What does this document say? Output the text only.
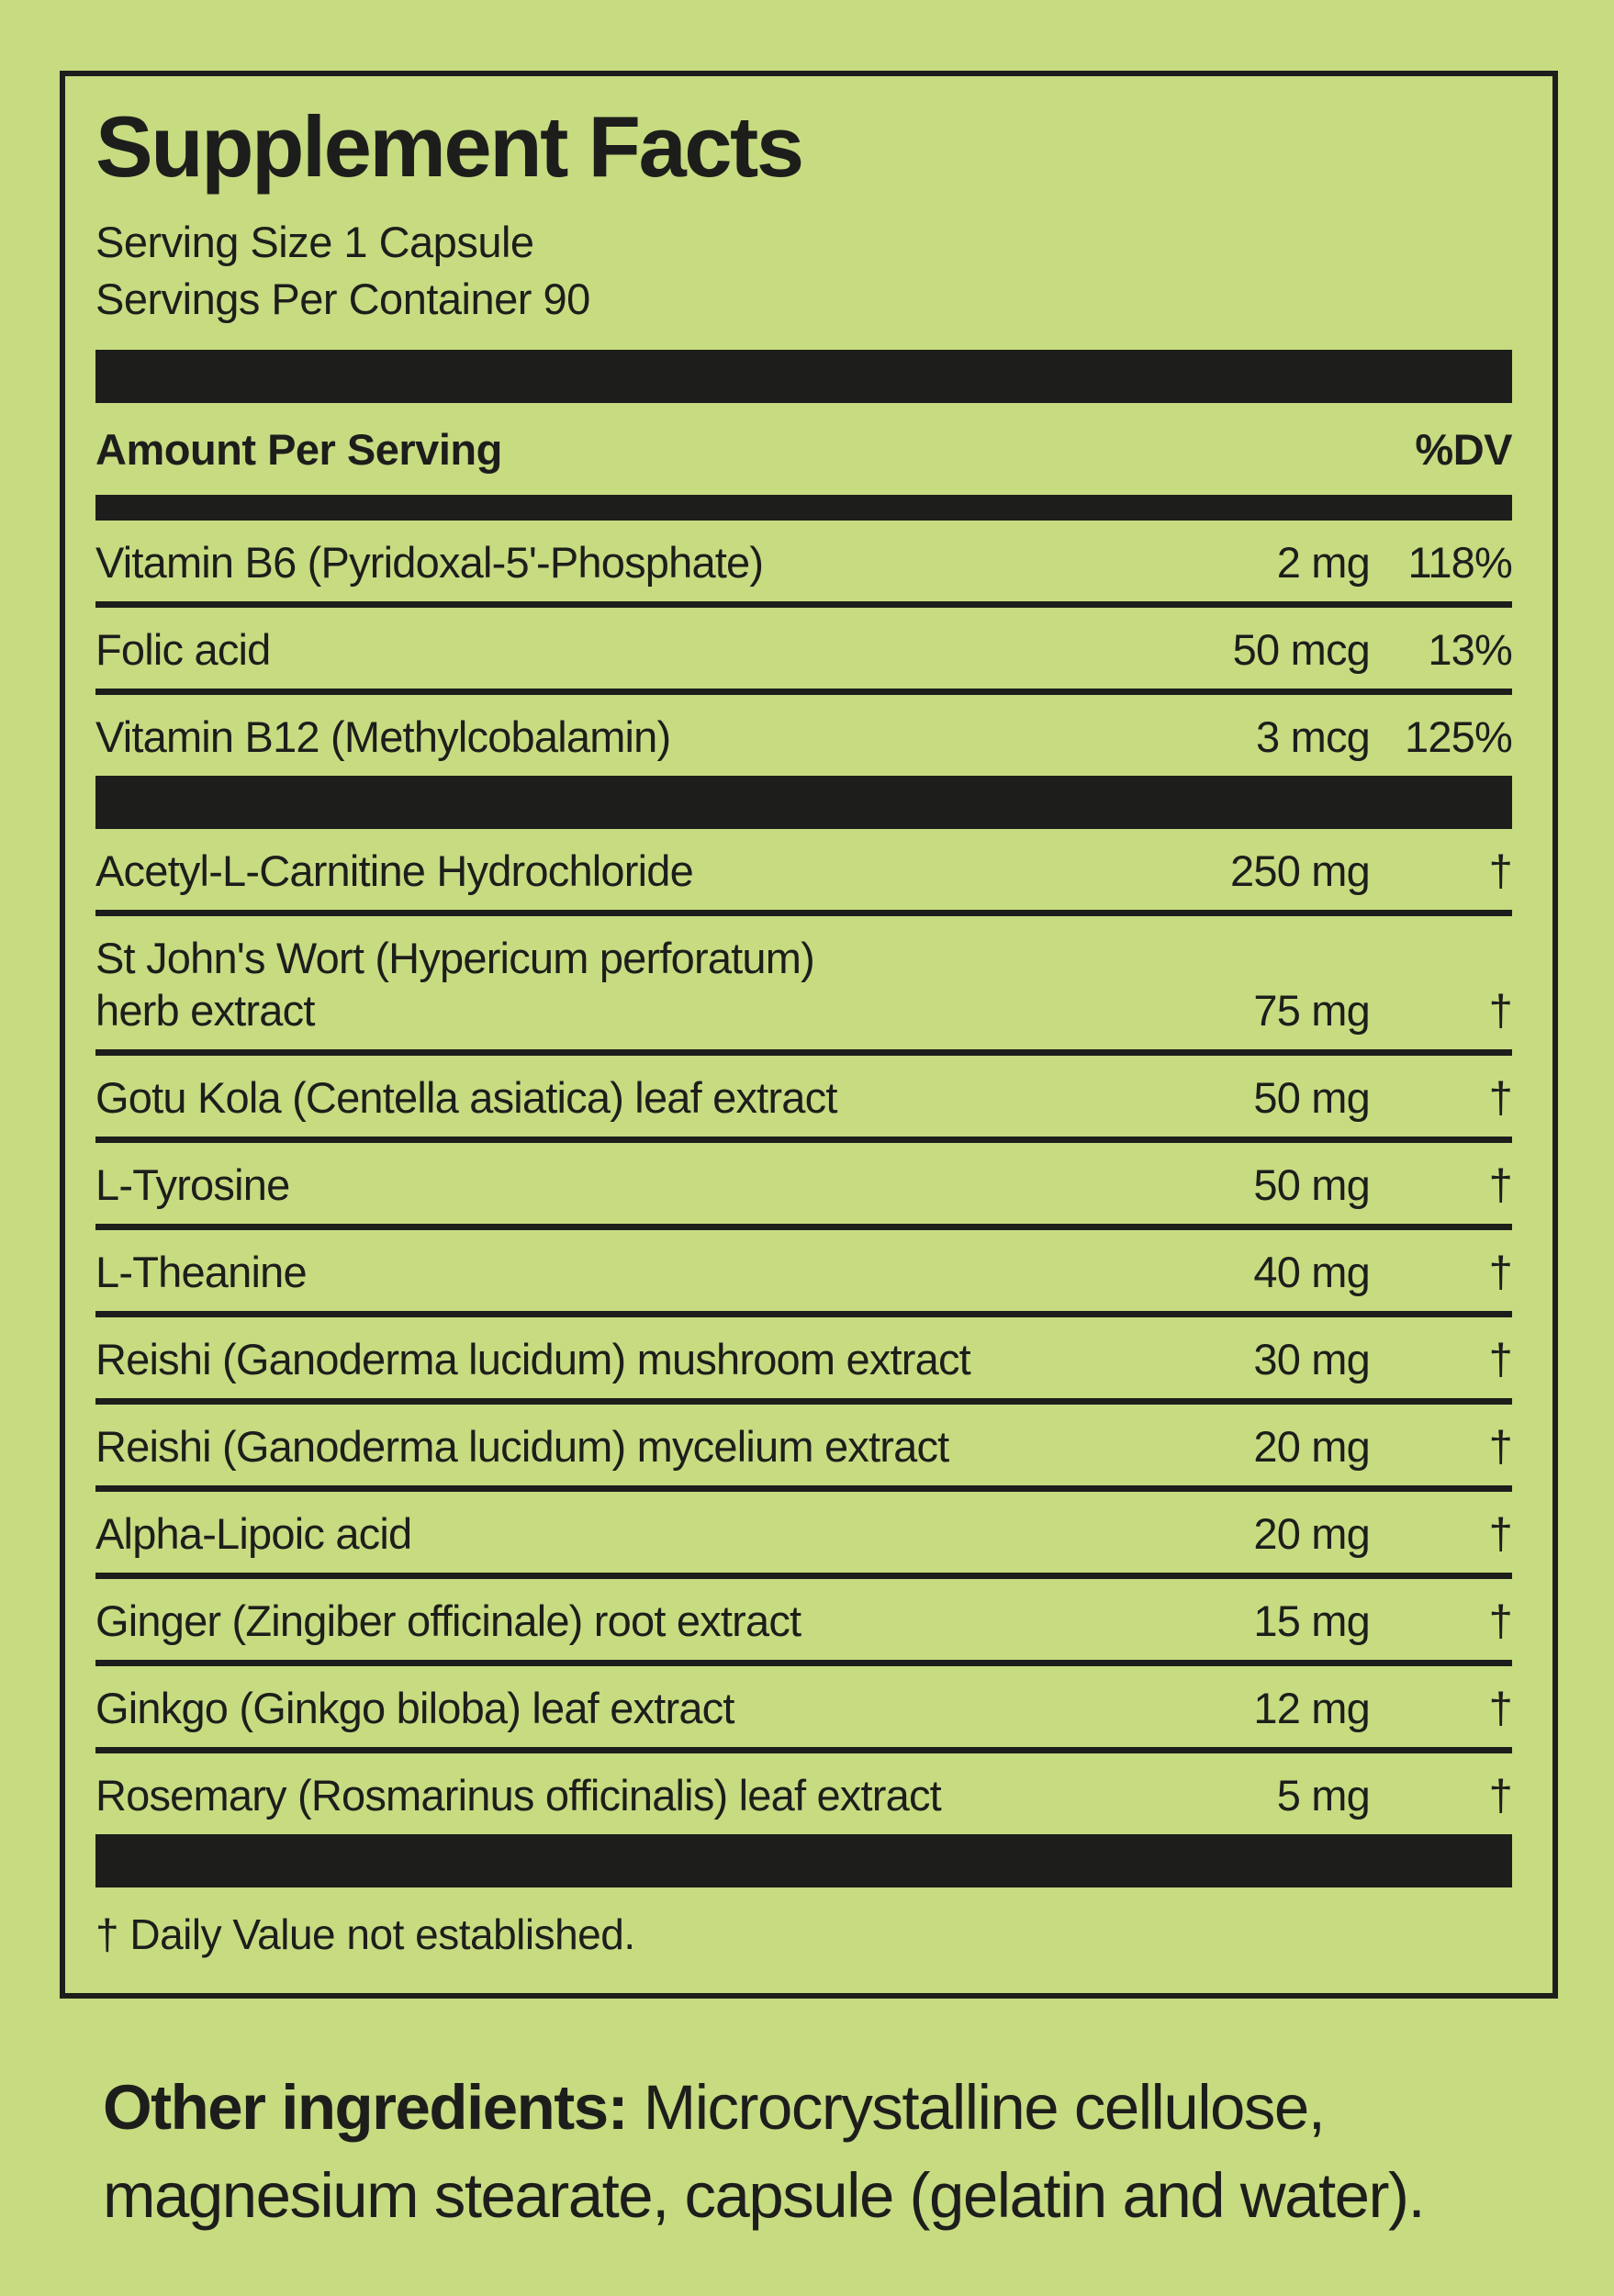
Supplement Facts
Serving Size 1 Capsule
Servings Per Container 90
Amount Per Serving	%DV
Vitamin B6 (Pyridoxal-5'-Phosphate)	2 mg 118%
Folic acid	50 mcg	13%
Vitamin B12 (Methylcobalamin)	3 mcg 125%
Acetyl-L-Carnitine Hydrochloride	250 mg	†
St John's Wort (Hypericum perforatum)
herb extract	75 mg	†
Gotu Kola (Centella asiatica) leaf extract	50 mg	†
L-Tyrosine	50 mg	†
L-Theanine	40 mg	†
Reishi (Ganoderma lucidum) mushroom extract	30 mg	†
Reishi (Ganoderma lucidum) mycelium extract	20 mg	†
Alpha-Lipoic acid	20 mg	†
Ginger (Zingiber officinale) root extract	15 mg	†
Ginkgo (Ginkgo biloba) leaf extract	12 mg	†
Rosemary (Rosmarinus officinalis) leaf extract	5 mg	†
† Daily Value not established.
Other ingredients: Microcrystalline cellulose,
magnesium stearate, capsule (gelatin and water).
